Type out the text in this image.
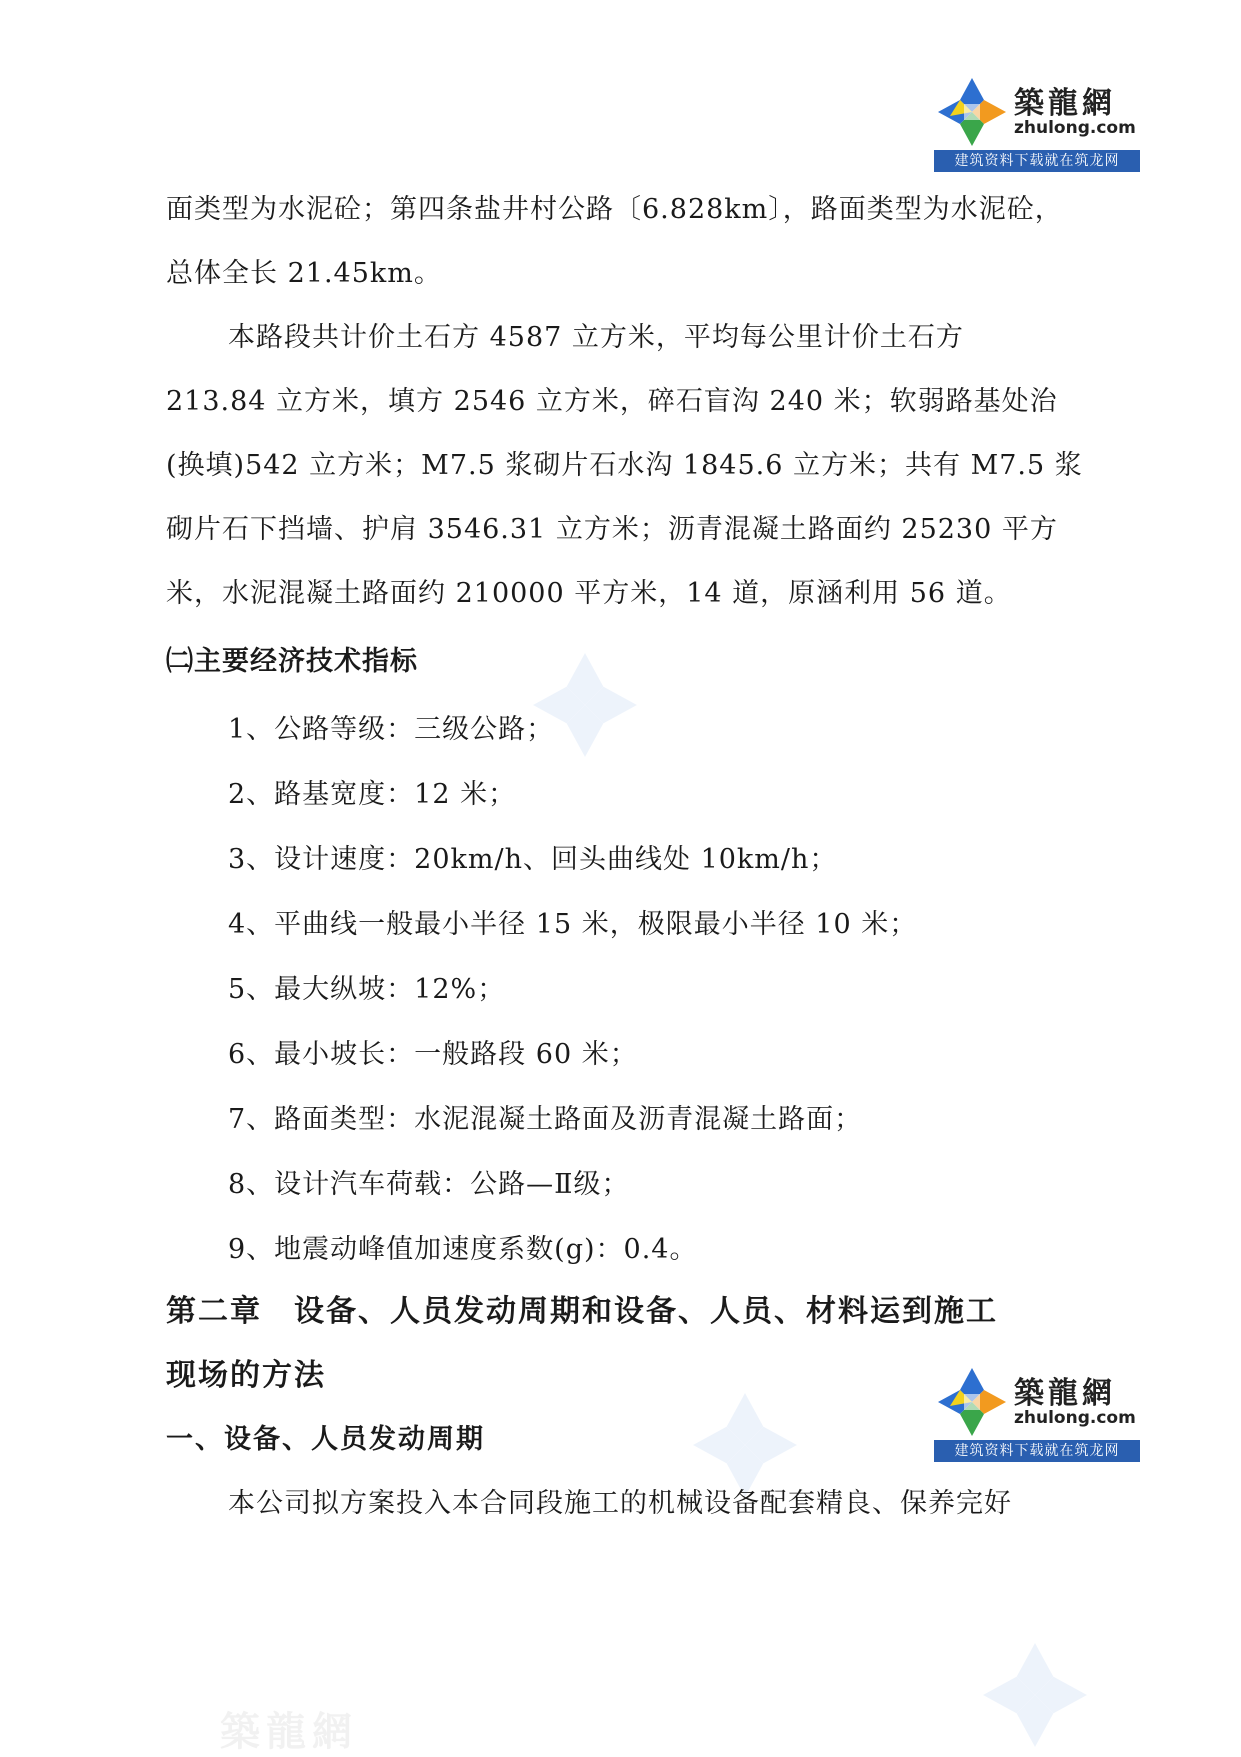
築龍網
zhulong.com
建筑资料下载就在筑龙网
面类型为水泥砼；第四条盐井村公路〔6.828km〕，路面类型为水泥砼，
总体全长 21.45km。
本路段共计价土石方 4587 立方米，平均每公里计价土石方
213.84 立方米，填方 2546 立方米，碎石盲沟 240 米；软弱路基处治
(换填)542 立方米；M7.5 浆砌片石水沟 1845.6 立方米；共有 M7.5 浆
砌片石下挡墙、护肩 3546.31 立方米；沥青混凝土路面约 25230 平方
米，水泥混凝土路面约 210000 平方米，14 道，原涵利用 56 道。
㈡主要经济技术指标
1、公路等级：三级公路；
2、路基宽度：12 米；
3、设计速度：20km/h、回头曲线处 10km/h；
4、平曲线一般最小半径 15 米，极限最小半径 10 米；
5、最大纵坡：12%；
6、最小坡长：一般路段 60 米；
7、路面类型：水泥混凝土路面及沥青混凝土路面；
8、设计汽车荷载：公路—Ⅱ级；
9、地震动峰值加速度系数(g)：0.4。
第二章　设备、人员发动周期和设备、人员、材料运到施工
现场的方法
築龍網
zhulong.com
建筑资料下载就在筑龙网
一、设备、人员发动周期
本公司拟方案投入本合同段施工的机械设备配套精良、保养完好
築龍網
